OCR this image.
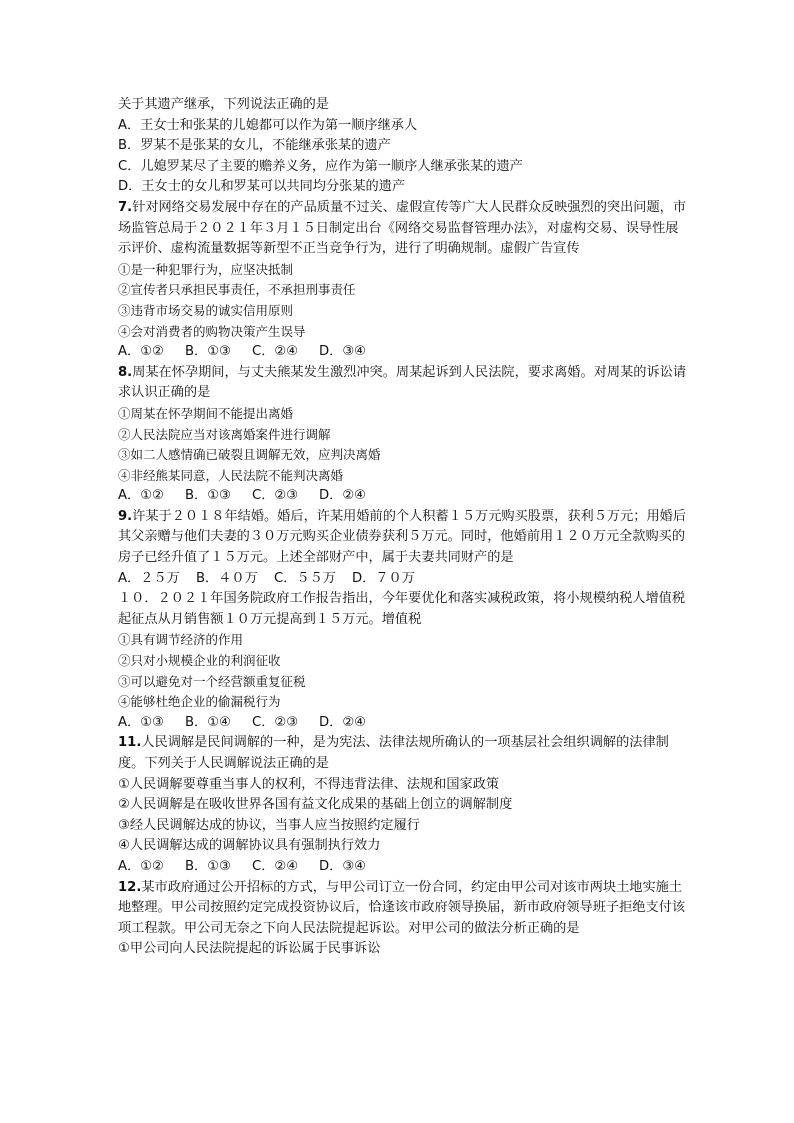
关于其遗产继承，下列说法正确的是
A．王女士和张某的儿媳都可以作为第一顺序继承人
B．罗某不是张某的女儿，不能继承张某的遗产
C．儿媳罗某尽了主要的赡养义务，应作为第一顺序人继承张某的遗产
D．王女士的女儿和罗某可以共同均分张某的遗产
7.针对网络交易发展中存在的产品质量不过关、虚假宣传等广大人民群众反映强烈的突出问题，市场监管总局于２０２１年３月１５日制定出台《网络交易监督管理办法》，对虚构交易、误导性展示评价、虚构流量数据等新型不正当竞争行为，进行了明确规制。虚假广告宣传
①是一种犯罪行为，应坚决抵制
②宣传者只承担民事责任，不承担刑事责任
③违背市场交易的诚实信用原则
④会对消费者的购物决策产生误导
A．①②	B．①③	C．②④	D．③④
8.周某在怀孕期间，与丈夫熊某发生激烈冲突。周某起诉到人民法院，要求离婚。对周某的诉讼请求认识正确的是
①周某在怀孕期间不能提出离婚
②人民法院应当对该离婚案件进行调解
③如二人感情确已破裂且调解无效，应判决离婚
④非经熊某同意，人民法院不能判决离婚
A．①②	B．①③	C．②③	D．②④
9.许某于２０１８年结婚。婚后，许某用婚前的个人积蓄１５万元购买股票，获利５万元；用婚后其父亲赠与他们夫妻的３０万元购买企业债券获利５万元。同时，他婚前用１２０万元全款购买的房子已经升值了１５万元。上述全部财产中，属于夫妻共同财产的是
A．２５万	B．４０万	C．５５万	D．７０万
１０．２０２１年国务院政府工作报告指出，今年要优化和落实减税政策，将小规模纳税人增值税起征点从月销售额１０万元提高到１５万元。增值税
①具有调节经济的作用
②只对小规模企业的利润征收
③可以避免对一个经营额重复征税
④能够杜绝企业的偷漏税行为
A．①③	B．①④	C．②③	D．②④
11.人民调解是民间调解的一种，是为宪法、法律法规所确认的一项基层社会组织调解的法律制度。下列关于人民调解说法正确的是
①人民调解要尊重当事人的权利，不得违背法律、法规和国家政策
②人民调解是在吸收世界各国有益文化成果的基础上创立的调解制度
③经人民调解达成的协议，当事人应当按照约定履行
④人民调解达成的调解协议具有强制执行效力
A．①②	B．①③	C．②④	D．③④
12.某市政府通过公开招标的方式，与甲公司订立一份合同，约定由甲公司对该市两块土地实施土地整理。甲公司按照约定完成投资协议后，恰逢该市政府领导换届，新市政府领导班子拒绝支付该项工程款。甲公司无奈之下向人民法院提起诉讼。对甲公司的做法分析正确的是
①甲公司向人民法院提起的诉讼属于民事诉讼
